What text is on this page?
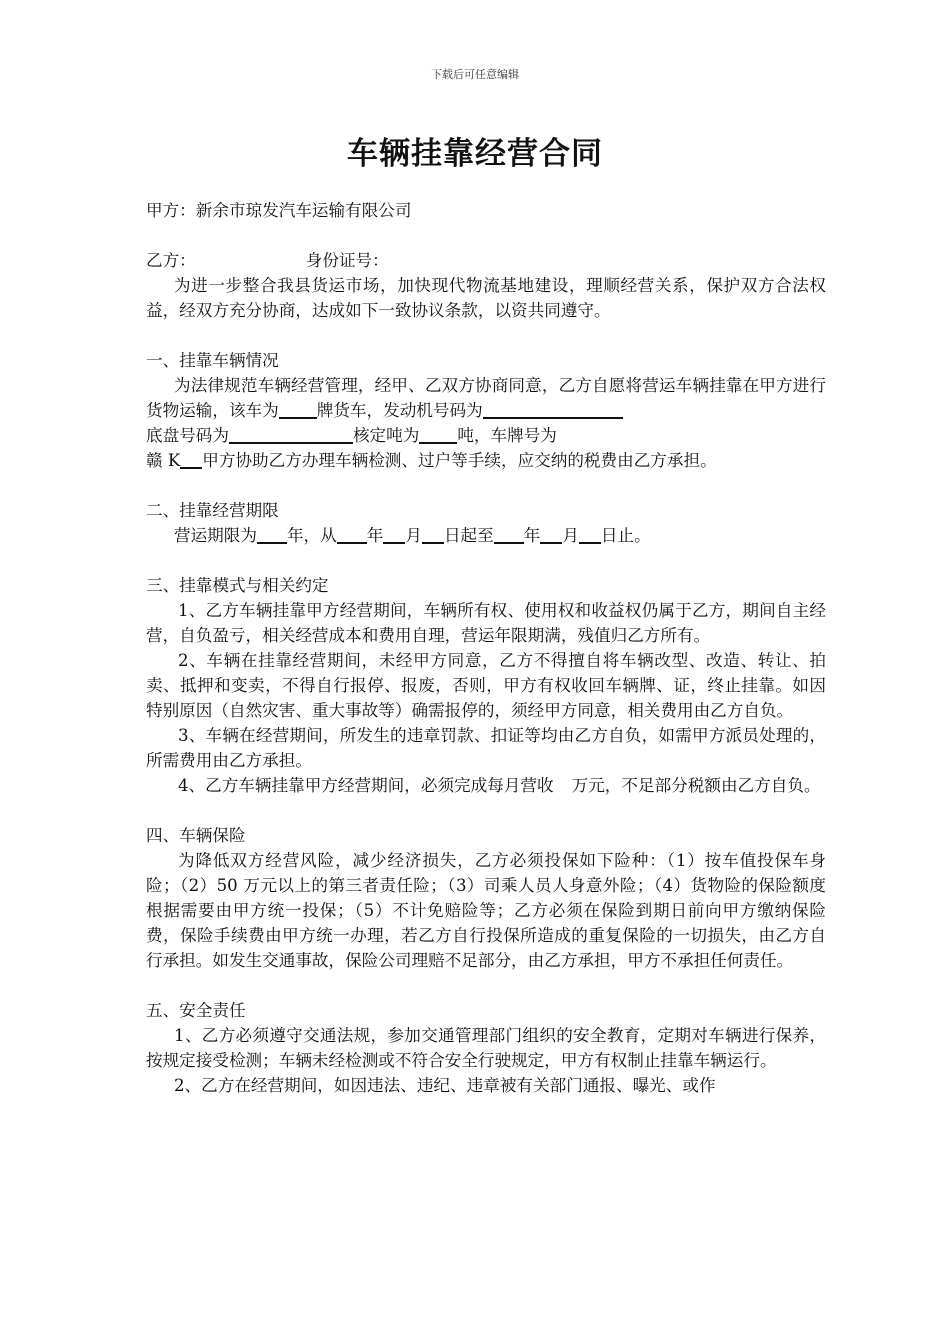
下载后可任意编辑
车辆挂靠经营合同

甲方：新余市琼发汽车运输有限公司

乙方：	身份证号：

为进一步整合我县货运市场，加快现代物流基地建设，理顺经营关系，保护双方合法权益，经双方充分协商，达成如下一致协议条款，以资共同遵守。

一、挂靠车辆情况

为法律规范车辆经营管理，经甲、乙双方协商同意，乙方自愿将营运车辆挂靠在甲方进行货物运输，该车为 牌货车，发动机号码为

底盘号码为	核定吨为 吨，车牌号为

赣 K 甲方协助乙方办理车辆检测、过户等手续，应交纳的税费由乙方承担。

二、挂靠经营期限

营运期限为 年，从 年 月 日起至 年 月 日止。

三、挂靠模式与相关约定

1、乙方车辆挂靠甲方经营期间，车辆所有权、使用权和收益权仍属于乙方，期间自主经营，自负盈亏，相关经营成本和费用自理，营运年限期满，残值归乙方所有。

2、车辆在挂靠经营期间，未经甲方同意，乙方不得擅自将车辆改型、改造、转让、拍卖、抵押和变卖，不得自行报停、报废，否则，甲方有权收回车辆牌、证，终止挂靠。如因特别原因（自然灾害、重大事故等）确需报停的，须经甲方同意，相关费用由乙方自负。

3、车辆在经营期间，所发生的违章罚款、扣证等均由乙方自负，如需甲方派员处理的，所需费用由乙方承担。

4、乙方车辆挂靠甲方经营期间，必须完成每月营收 万元，不足部分税额由乙方自负。

四、车辆保险

为降低双方经营风险，减少经济损失，乙方必须投保如下险种：（1）按车值投保车身险；（2）50 万元以上的第三者责任险；（3）司乘人员人身意外险；（4）货物险的保险额度根据需要由甲方统一投保；（5）不计免赔险等；乙方必须在保险到期日前向甲方缴纳保险费，保险手续费由甲方统一办理，若乙方自行投保所造成的重复保险的一切损失，由乙方自行承担。如发生交通事故，保险公司理赔不足部分，由乙方承担，甲方不承担任何责任。

五、安全责任

1、乙方必须遵守交通法规，参加交通管理部门组织的安全教育，定期对车辆进行保养，按规定接受检测；车辆未经检测或不符合安全行驶规定，甲方有权制止挂靠车辆运行。

2、乙方在经营期间，如因违法、违纪、违章被有关部门通报、曝光、或作
